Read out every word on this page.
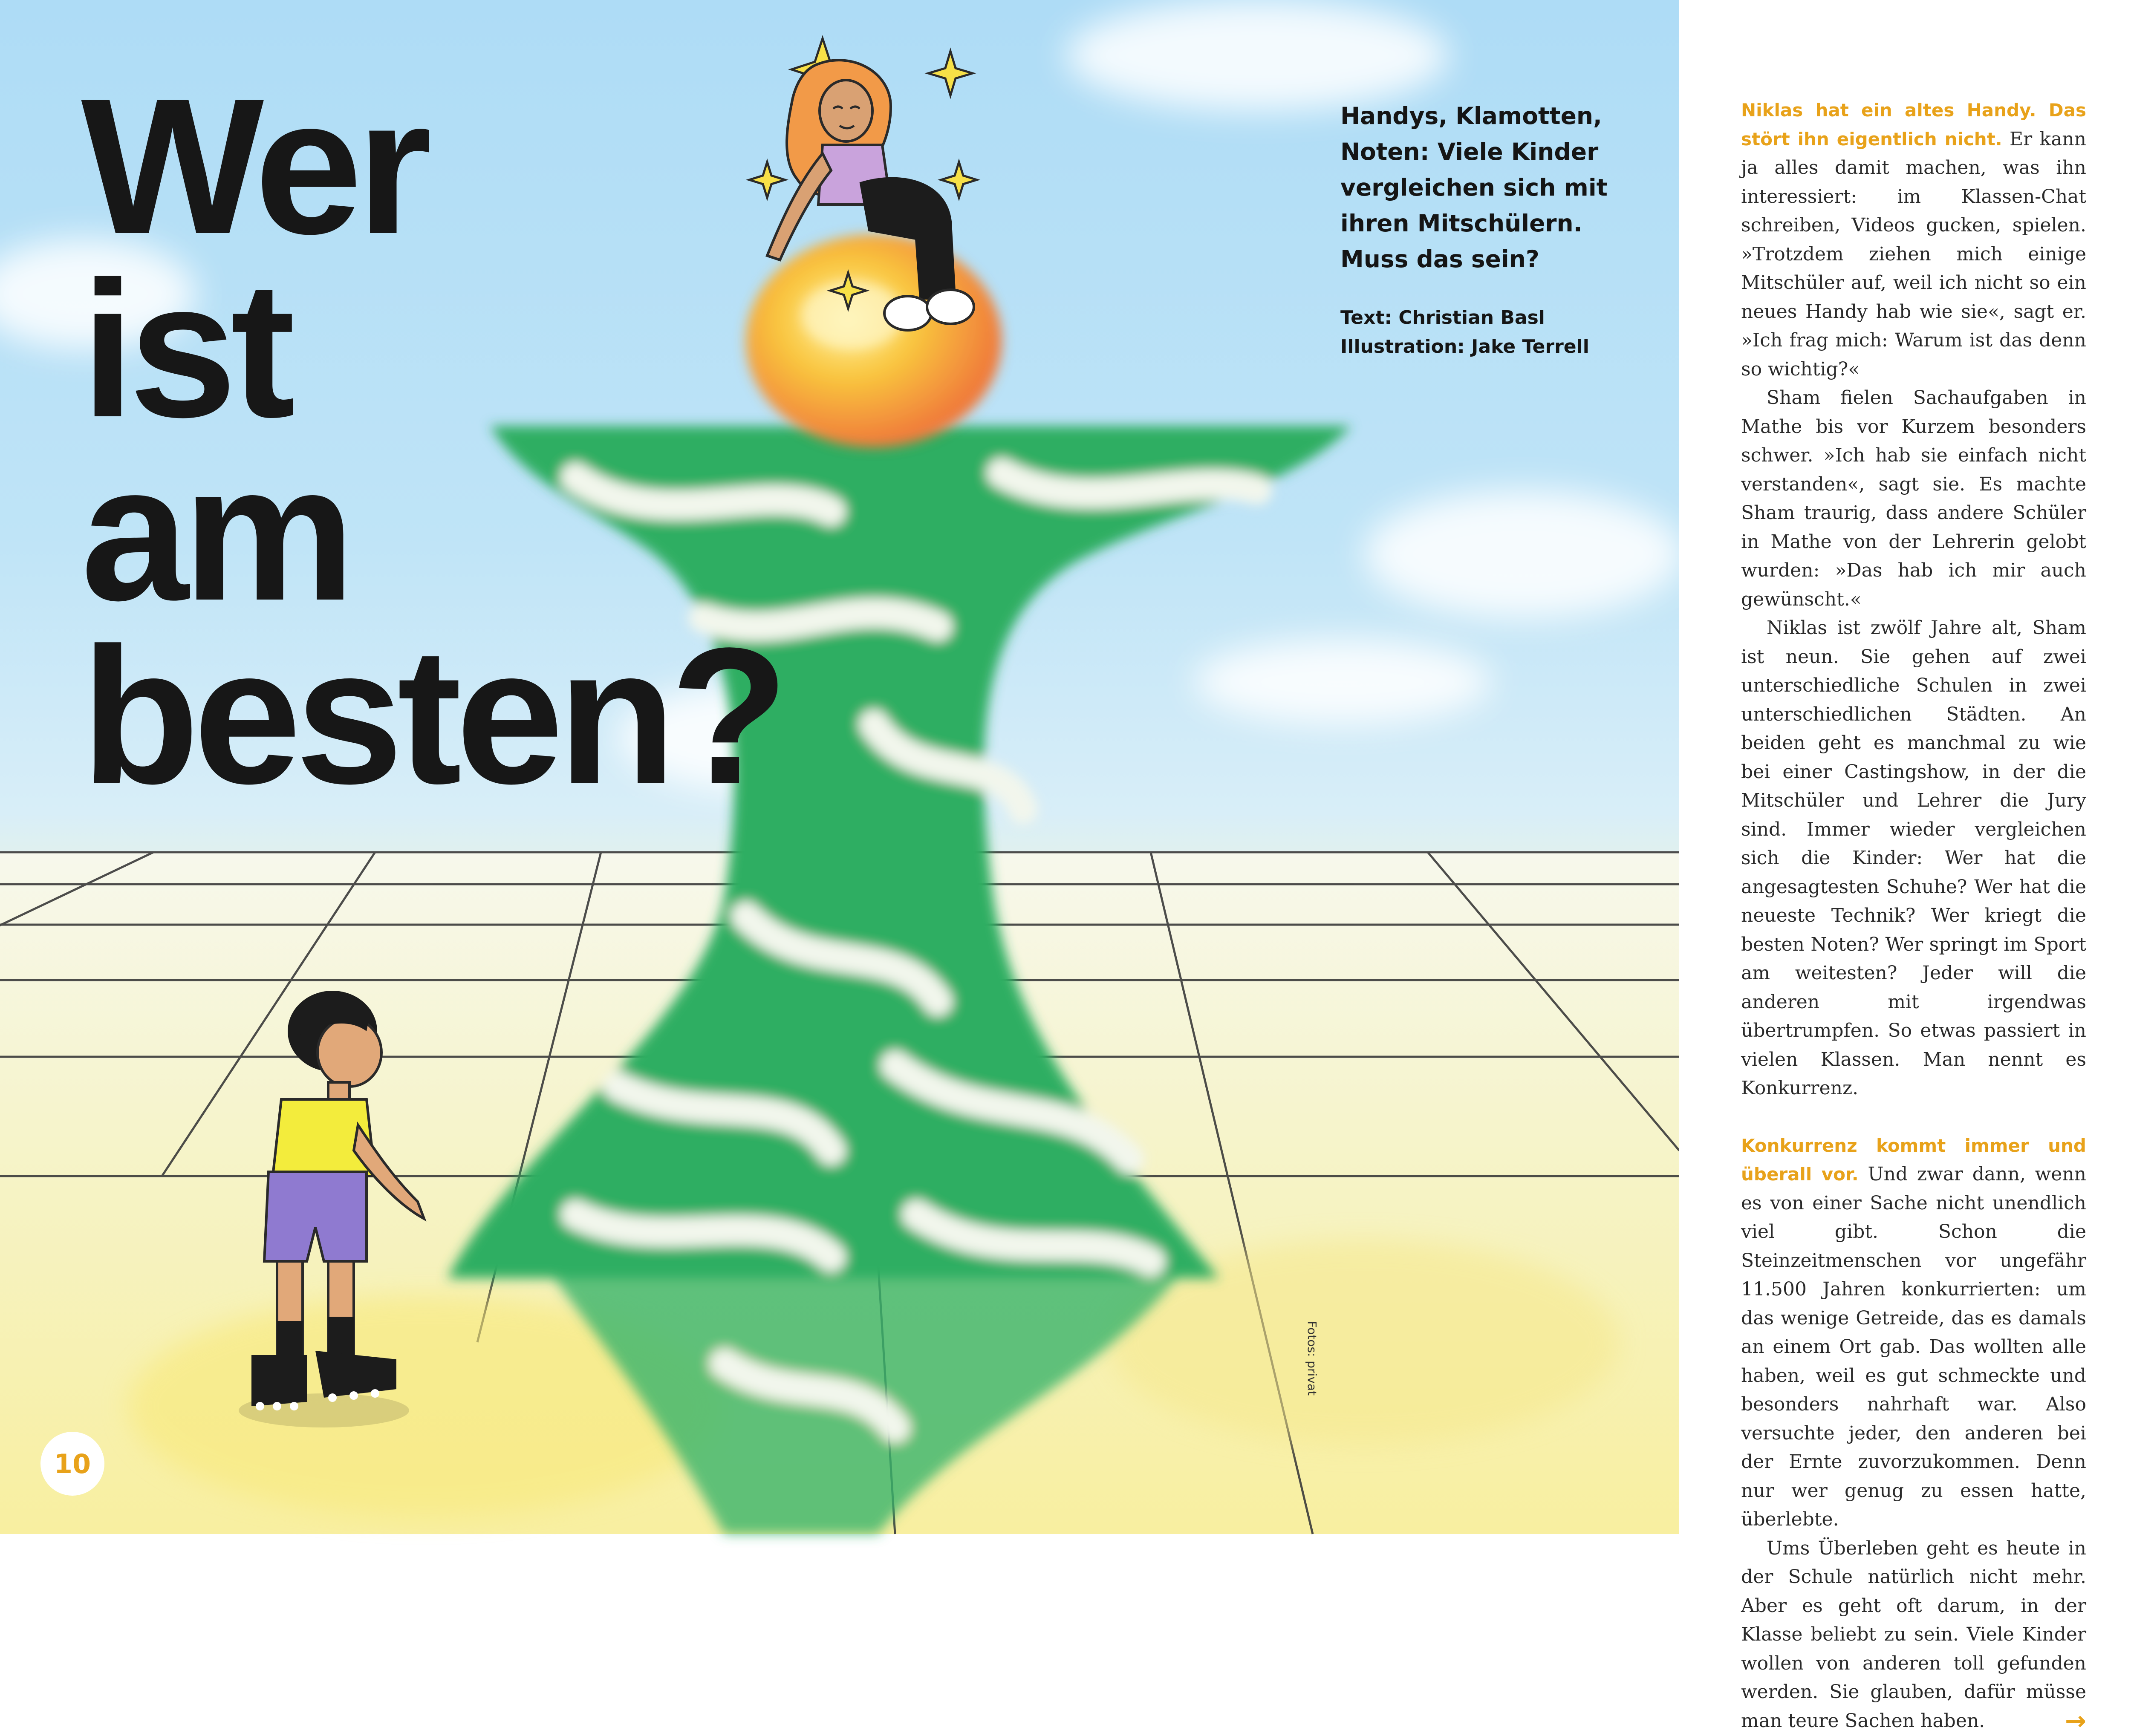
Wer
ist
am
besten?
Handys, Klamotten, Noten: Viele Kinder vergleichen sich mit ihren Mitschülern. Muss das sein?
Text: Christian Basl
Illustration: Jake Terrell
Fotos: privat
10

Niklas hat ein altes Handy. Das stört ihn eigentlich nicht. Er kann ja alles damit machen, was ihn interessiert: im Klassen-Chat schreiben, Videos gucken, spielen. »Trotzdem ziehen mich einige Mitschüler auf, weil ich nicht so ein neues Handy hab wie sie«, sagt er. »Ich frag mich: Warum ist das denn so wichtig?«

Sham fielen Sachaufgaben in Mathe bis vor Kurzem besonders schwer. »Ich hab sie einfach nicht verstanden«, sagt sie. Es machte Sham traurig, dass andere Schüler in Mathe von der Lehrerin gelobt wurden: »Das hab ich mir auch gewünscht.«

Niklas ist zwölf Jahre alt, Sham ist neun. Sie gehen auf zwei unterschiedliche Schulen in zwei unterschiedlichen Städten. An beiden geht es manchmal zu wie bei einer Castingshow, in der die Mitschüler und Lehrer die Jury sind. Immer wieder vergleichen sich die Kinder: Wer hat die angesagtesten Schuhe? Wer hat die neueste Technik? Wer kriegt die besten Noten? Wer springt im Sport am weitesten? Jeder will die anderen mit irgendwas übertrumpfen. So etwas passiert in vielen Klassen. Man nennt es Konkurrenz.

Konkurrenz kommt immer und überall vor. Und zwar dann, wenn es von einer Sache nicht unendlich viel gibt. Schon die Steinzeitmenschen vor ungefähr 11.500 Jahren konkurrierten: um das wenige Getreide, das es damals an einem Ort gab. Das wollten alle haben, weil es gut schmeckte und besonders nahrhaft war. Also versuchte jeder, den anderen bei der Ernte zuvorzukommen. Denn nur wer genug zu essen hatte, überlebte.

Ums Überleben geht es heute in der Schule natürlich nicht mehr. Aber es geht oft darum, in der Klasse beliebt zu sein. Viele Kinder wollen von anderen toll gefunden werden. Sie glauben, dafür müsse man teure Sachen haben.	→
